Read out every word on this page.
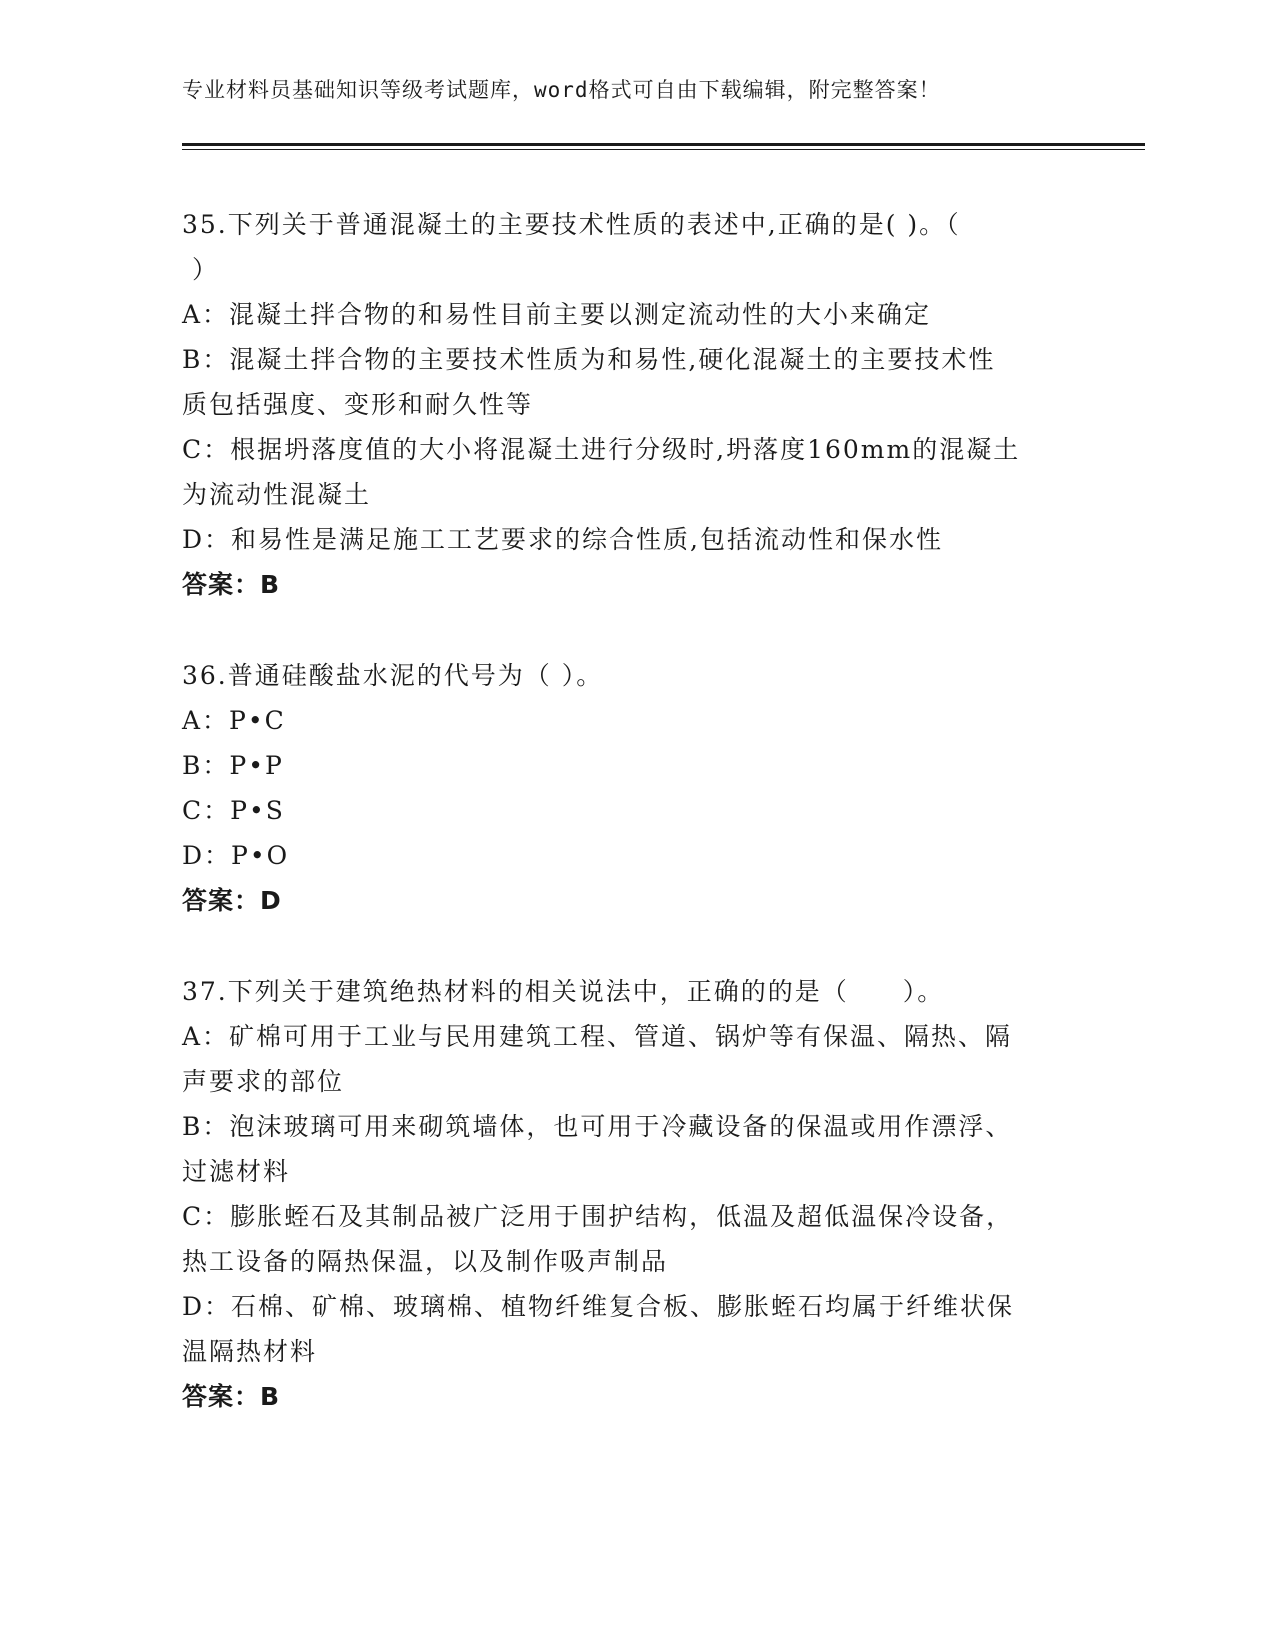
专业材料员基础知识等级考试题库，word格式可自由下载编辑，附完整答案！
35.下列关于普通混凝土的主要技术性质的表述中,正确的是( )。（
）
A：混凝土拌合物的和易性目前主要以测定流动性的大小来确定
B：混凝土拌合物的主要技术性质为和易性,硬化混凝土的主要技术性
质包括强度、变形和耐久性等
C：根据坍落度值的大小将混凝土进行分级时,坍落度160mm的混凝土
为流动性混凝土
D：和易性是满足施工工艺要求的综合性质,包括流动性和保水性
答案：B
36.普通硅酸盐水泥的代号为（ ）。
A：P•C
B：P•P
C：P•S
D：P•O
答案：D
37.下列关于建筑绝热材料的相关说法中，正确的的是（　　）。
A：矿棉可用于工业与民用建筑工程、管道、锅炉等有保温、隔热、隔
声要求的部位
B：泡沫玻璃可用来砌筑墙体，也可用于冷藏设备的保温或用作漂浮、
过滤材料
C：膨胀蛭石及其制品被广泛用于围护结构，低温及超低温保冷设备，
热工设备的隔热保温，以及制作吸声制品
D：石棉、矿棉、玻璃棉、植物纤维复合板、膨胀蛭石均属于纤维状保
温隔热材料
答案：B
